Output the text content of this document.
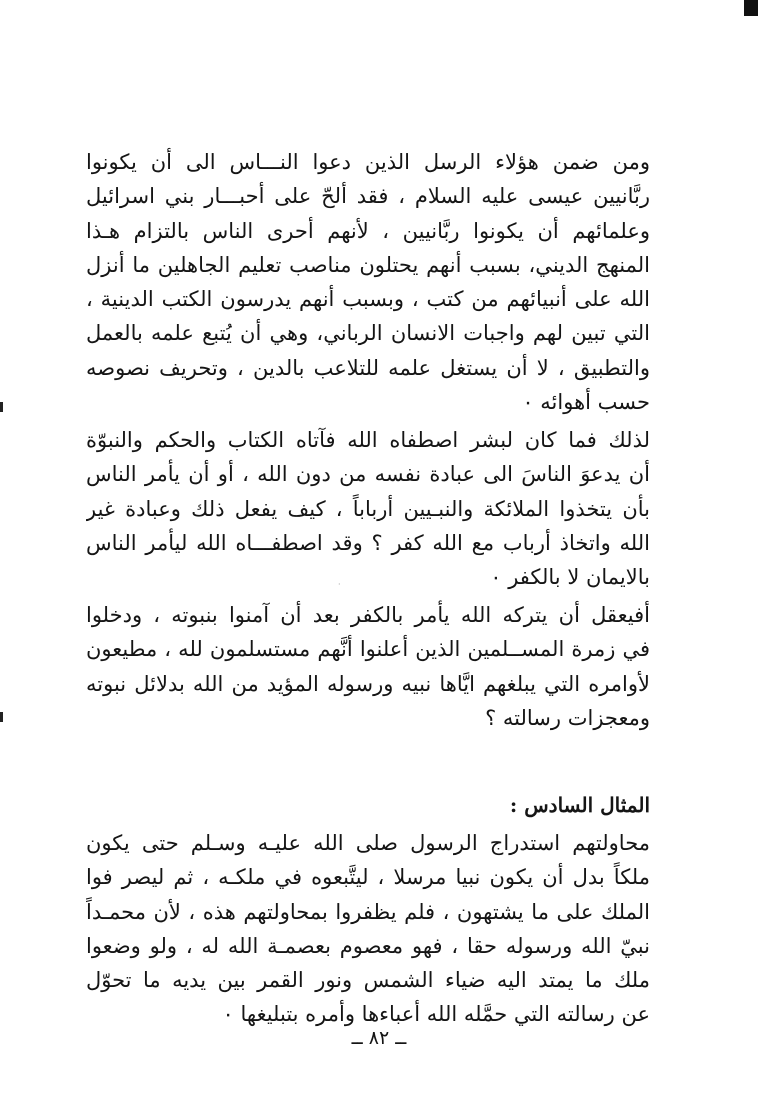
·
ومن ضمن هؤلاء الرسل الذين دعوا النـــاس الى أن يكونوا
ربَّانيين عيسى عليه السلام ، فقد ألحّ على أحبـــار بني اسرائيل
وعلمائهم أن يكونوا ربَّانيين ، لأنهم أحرى الناس بالتزام هـذا
المنهج الديني، بسبب أنهم يحتلون مناصب تعليم الجاهلين ما أنزل
الله على أنبيائهم من كتب ، وبسبب أنهم يدرسون الكتب الدينية ،
التي تبين لهم واجبات الانسان الرباني، وهي أن يُتبع علمه بالعمل
والتطبيق ، لا أن يستغل علمه للتلاعب بالدين ، وتحريف نصوصه
حسب أهوائه ٠
لذلك فما كان لبشر اصطفاه الله فآتاه الكتاب والحكم والنبوّة
أن يدعوَ الناسَ الى عبادة نفسه من دون الله ، أو أن يأمر الناس
بأن يتخذوا الملائكة والنبـيين أرباباً ، كيف يفعل ذلك وعبادة غير
الله واتخاذ أرباب مع الله كفر ؟ وقد اصطفـــاه الله ليأمر الناس
بالايمان لا بالكفر ٠
أفيعقل أن يتركه الله يأمر بالكفر بعد أن آمنوا بنبوته ، ودخلوا
في زمرة المســلمين الذين أعلنوا أنَّهم مستسلمون لله ، مطيعون
لأوامره التي يبلغهم ايَّاها نبيه ورسوله المؤيد من الله بدلائل نبوته
ومعجزات رسالته ؟
المثال السادس :
محاولتهم استدراج الرسول صلى الله عليـه وسـلم حتى يكون
ملكاً بدل أن يكون نبيا مرسلا ، ليتَّبعوه في ملكـه ، ثم ليصر فوا
الملك على ما يشتهون ، فلم يظفروا بمحاولتهم هذه ، لأن محمـداً
نبيّ الله ورسوله حقا ، فهو معصوم بعصمـة الله له ، ولو وضعوا
ملك ما يمتد اليه ضياء الشمس ونور القمر بين يديه ما تحوّل
عن رسالته التي حمَّله الله أعباءها وأمره بتبليغها ٠
ــ ٨٢ ــ
